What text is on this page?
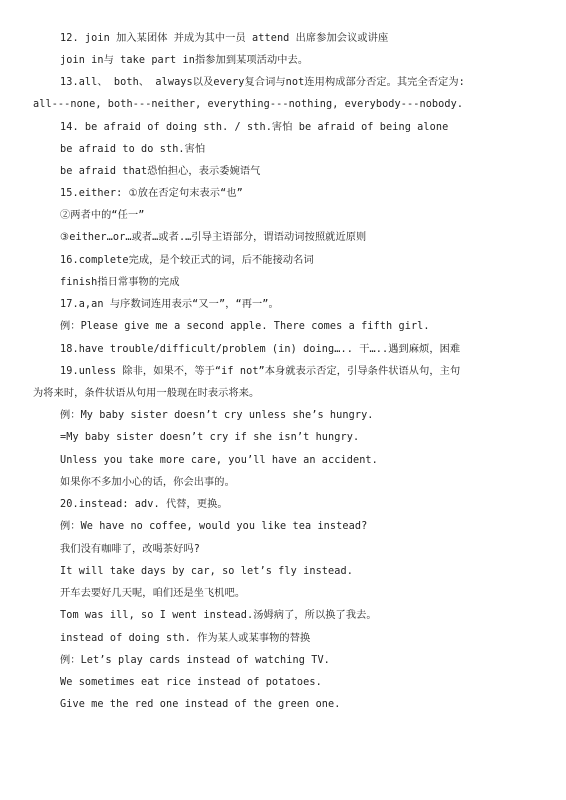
12. join 加入某团体 并成为其中一员 attend 出席参加会议或讲座
join in与 take part in指参加到某项活动中去。
13.all、 both、 always以及every复合词与not连用构成部分否定。其完全否定为:
all---none, both---neither, everything---nothing, everybody---nobody.
14. be afraid of doing sth. / sth.害怕 be afraid of being alone
be afraid to do sth.害怕
be afraid that恐怕担心，表示委婉语气
15.either: ①放在否定句末表示“也”
②两者中的“任一”
③either…or…或者…或者.…引导主语部分，谓语动词按照就近原则
16.complete完成，是个较正式的词，后不能接动名词
finish指日常事物的完成
17.a,an 与序数词连用表示“又一”，“再一”。
例：Please give me a second apple. There comes a fifth girl.
18.have trouble/difficult/problem (in) doing….. 干…..遇到麻烦，困难
19.unless 除非，如果不，等于“if not”本身就表示否定，引导条件状语从句，主句
为将来时，条件状语从句用一般现在时表示将来。
例：My baby sister doesn’t cry unless she’s hungry.
=My baby sister doesn’t cry if she isn’t hungry.
Unless you take more care, you’ll have an accident.
如果你不多加小心的话，你会出事的。
20.instead: adv. 代替，更换。
例：We have no coffee, would you like tea instead?
我们没有咖啡了，改喝茶好吗?
It will take days by car, so let’s fly instead.
开车去要好几天呢，咱们还是坐飞机吧。
Tom was ill, so I went instead.汤姆病了，所以换了我去。
instead of doing sth. 作为某人或某事物的替换
例：Let’s play cards instead of watching TV.
We sometimes eat rice instead of potatoes.
Give me the red one instead of the green one.
